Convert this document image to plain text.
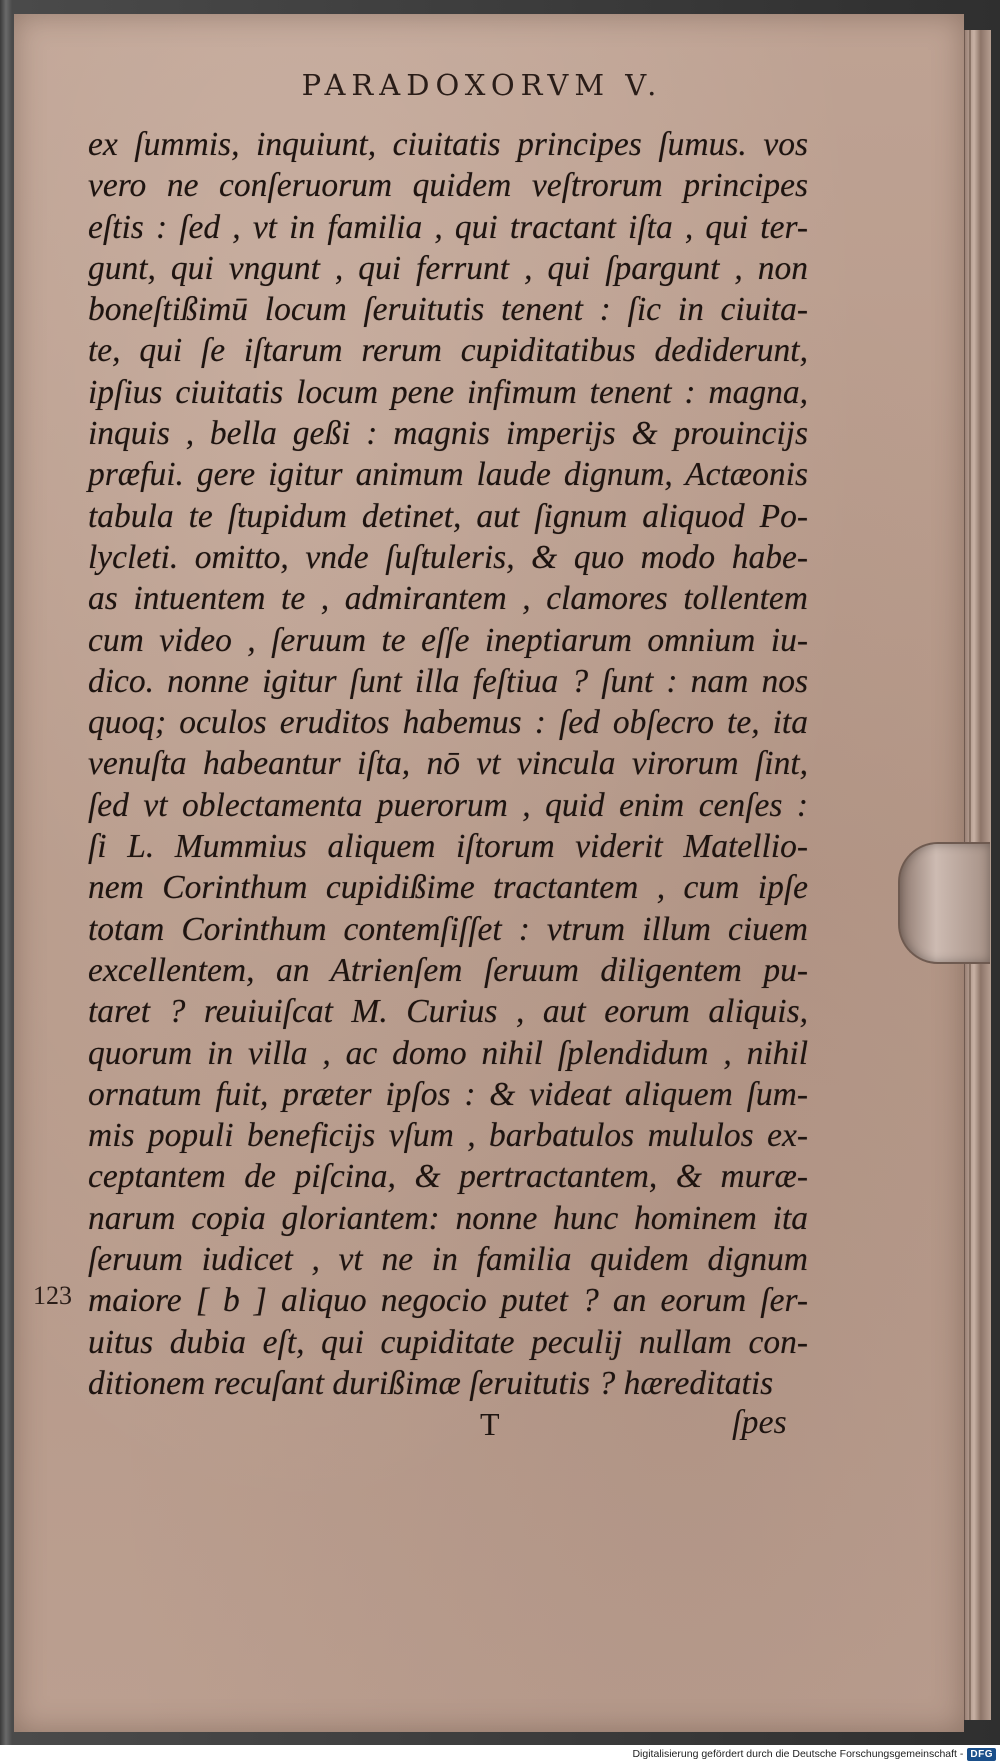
PARADOXORVM V.
ex ſummis, inquiunt, ciuitatis principes ſumus. vos
vero ne conſeruorum quidem veſtrorum principes
eſtis : ſed , vt in familia , qui tractant iſta , qui ter-
gunt, qui vngunt , qui ferrunt , qui ſpargunt , non
boneſtißimū locum ſeruitutis tenent : ſic in ciuita-
te, qui ſe iſtarum rerum cupiditatibus dediderunt,
ipſius ciuitatis locum pene infimum tenent : magna,
inquis , bella geßi : magnis imperijs & prouincijs
præfui. gere igitur animum laude dignum, Actæonis
tabula te ſtupidum detinet, aut ſignum aliquod Po-
lycleti. omitto, vnde ſuſtuleris, & quo modo habe-
as intuentem te , admirantem , clamores tollentem
cum video , ſeruum te eſſe ineptiarum omnium iu-
dico. nonne igitur ſunt illa feſtiua ? ſunt : nam nos
quoq; oculos eruditos habemus : ſed obſecro te, ita
venuſta habeantur iſta, nō vt vincula virorum ſint,
ſed vt oblectamenta puerorum , quid enim cenſes :
ſi L. Mummius aliquem iſtorum viderit Matellio-
nem Corinthum cupidißime tractantem , cum ipſe
totam Corinthum contemſiſſet : vtrum illum ciuem
excellentem, an Atrienſem ſeruum diligentem pu-
taret ? reuiuiſcat M. Curius , aut eorum aliquis,
quorum in villa , ac domo nihil ſplendidum , nihil
ornatum fuit, præter ipſos : & videat aliquem ſum-
mis populi beneficijs vſum , barbatulos mululos ex-
ceptantem de piſcina, & pertractantem, & muræ-
narum copia gloriantem: nonne hunc hominem ita
ſeruum iudicet , vt ne in familia quidem dignum
maiore [ b ] aliquo negocio putet ? an eorum ſer-
uitus dubia eſt, qui cupiditate peculij nullam con-
ditionem recuſant durißimæ ſeruitutis ? hæreditatis
123
T	ſpes
Digitalisierung gefördert durch die Deutsche Forschungsgemeinschaft - DFG
